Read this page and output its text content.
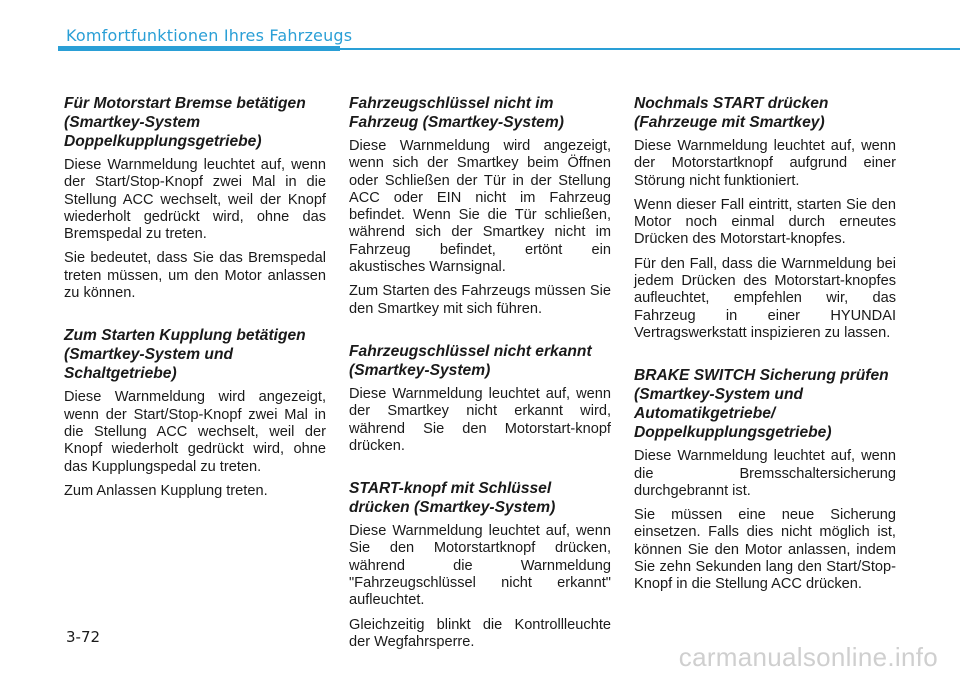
Komfortfunktionen Ihres Fahrzeugs
Für Motorstart Bremse betätigen (Smartkey-System Doppelkupplungsgetriebe)

Diese Warnmeldung leuchtet auf, wenn der Start/Stop-Knopf zwei Mal in die Stellung ACC wechselt, weil der Knopf wiederholt gedrückt wird, ohne das Bremspedal zu treten.

Sie bedeutet, dass Sie das Bremspedal treten müssen, um den Motor anlassen zu können.

Zum Starten Kupplung betätigen (Smartkey-System und Schaltgetriebe)

Diese Warnmeldung wird angezeigt, wenn der Start/Stop-Knopf zwei Mal in die Stellung ACC wechselt, weil der Knopf wiederholt gedrückt wird, ohne das Kupplungspedal zu treten.

Zum Anlassen Kupplung treten.

Fahrzeugschlüssel nicht im Fahrzeug (Smartkey-System)

Diese Warnmeldung wird angezeigt, wenn sich der Smartkey beim Öffnen oder Schließen der Tür in der Stellung ACC oder EIN nicht im Fahrzeug befindet. Wenn Sie die Tür schließen, während sich der Smartkey nicht im Fahrzeug befindet, ertönt ein akustisches Warnsignal.

Zum Starten des Fahrzeugs müssen Sie den Smartkey mit sich führen.

Fahrzeugschlüssel nicht erkannt (Smartkey-System)

Diese Warnmeldung leuchtet auf, wenn der Smartkey nicht erkannt wird, während Sie den Motorstart-knopf drücken.

START-knopf mit Schlüssel drücken (Smartkey-System)

Diese Warnmeldung leuchtet auf, wenn Sie den Motorstartknopf drücken, während die Warnmeldung "Fahrzeugschlüssel nicht erkannt" aufleuchtet.

Gleichzeitig blinkt die Kontrollleuchte der Wegfahrsperre.

Nochmals START drücken (Fahrzeuge mit Smartkey)

Diese Warnmeldung leuchtet auf, wenn der Motorstartknopf aufgrund einer Störung nicht funktioniert.

Wenn dieser Fall eintritt, starten Sie den Motor noch einmal durch erneutes Drücken des Motorstart-knopfes.

Für den Fall, dass die Warnmeldung bei jedem Drücken des Motorstart-knopfes aufleuchtet, empfehlen wir, das Fahrzeug in einer HYUNDAI Vertragswerkstatt inspizieren zu lassen.

BRAKE SWITCH Sicherung prüfen (Smartkey-System und Automatikgetriebe/ Doppelkupplungsgetriebe)

Diese Warnmeldung leuchtet auf, wenn die Bremsschaltersicherung durchgebrannt ist.

Sie müssen eine neue Sicherung einsetzen. Falls dies nicht möglich ist, können Sie den Motor anlassen, indem Sie zehn Sekunden lang den Start/Stop-Knopf in die Stellung ACC drücken.

3-72
carmanualsonline.info
